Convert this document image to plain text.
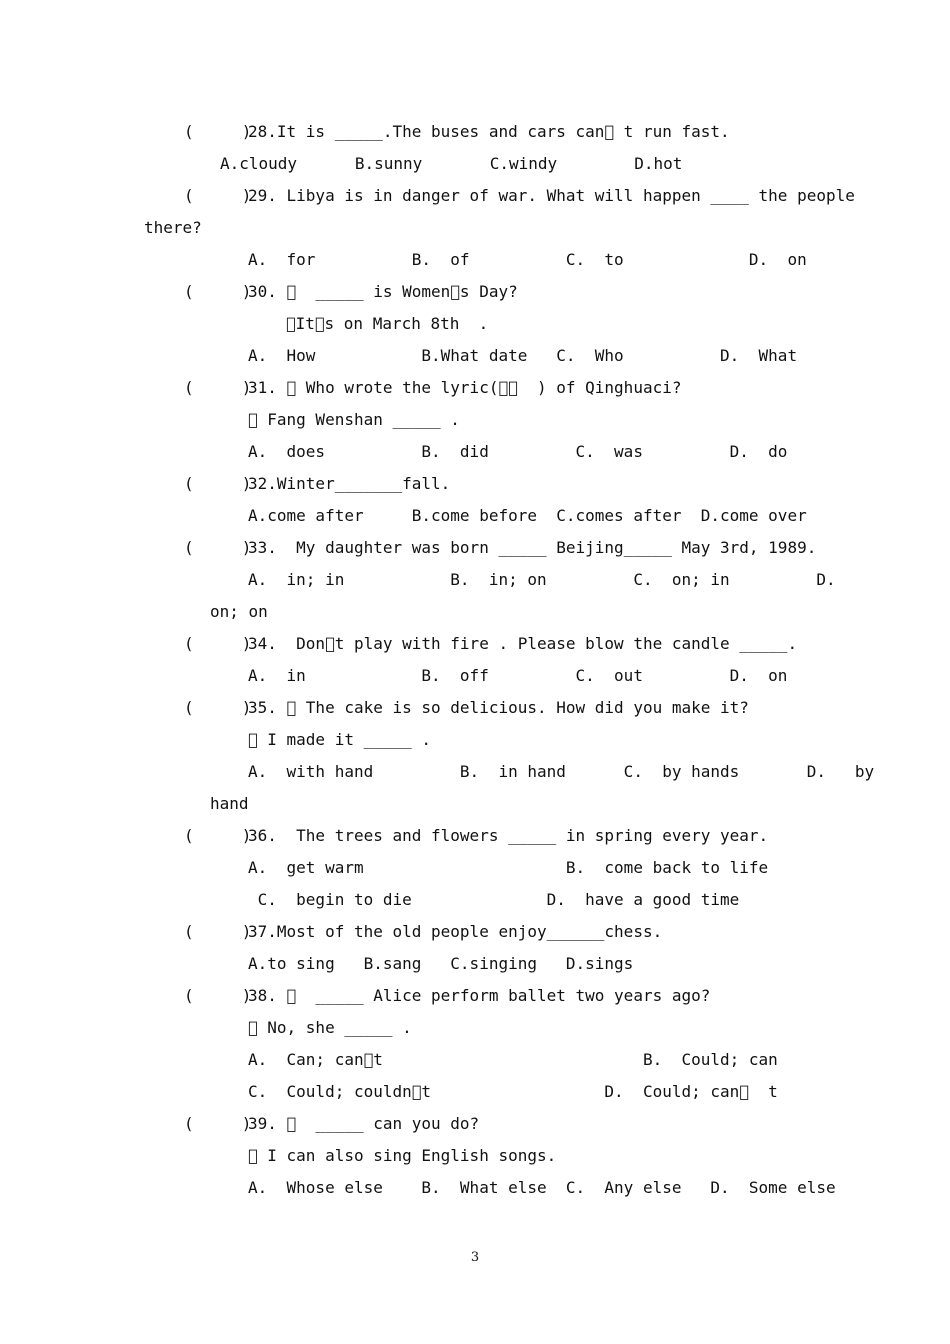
(     )
28.It is _____.The buses and cars can  t run fast.
A.cloudy      B.sunny       C.windy        D.hot
(     )
29. Libya is in danger of war. What will happen ____ the people
there?
A.  for          B.  of          C.  to             D.  on
(     )
30.    _____ is Women s Day?
 It s on March 8th  .
A.  How           B.What date   C.  Who          D.  What
(     )
31.   Who wrote the lyric(    ) of Qinghuaci?
  Fang Wenshan _____ .
A.  does          B.  did         C.  was         D.  do
(     )
32.Winter_______fall.
A.come after     B.come before  C.comes after  D.come over
(     )
33.  My daughter was born _____ Beijing_____ May 3rd, 1989.
A.  in; in           B.  in; on         C.  on; in         D.
on; on
(     )
34.  Don t play with fire . Please blow the candle _____.
A.  in            B.  off         C.  out         D.  on
(     )
35.   The cake is so delicious. How did you make it?
  I made it _____ .
A.  with hand         B.  in hand      C.  by hands       D.   by
hand
(     )
36.  The trees and flowers _____ in spring every year.
A.  get warm                     B.  come back to life
C.  begin to die              D.  have a good time
(     )
37.Most of the old people enjoy______chess.
A.to sing   B.sang   C.singing   D.sings
(     )
38.    _____ Alice perform ballet two years ago?
  No, she _____ .
A.  Can; can t                           B.  Could; can
C.  Could; couldn t                  D.  Could; can   t
(     )
39.    _____ can you do?
  I can also sing English songs.
A.  Whose else    B.  What else  C.  Any else   D.  Some else
3
